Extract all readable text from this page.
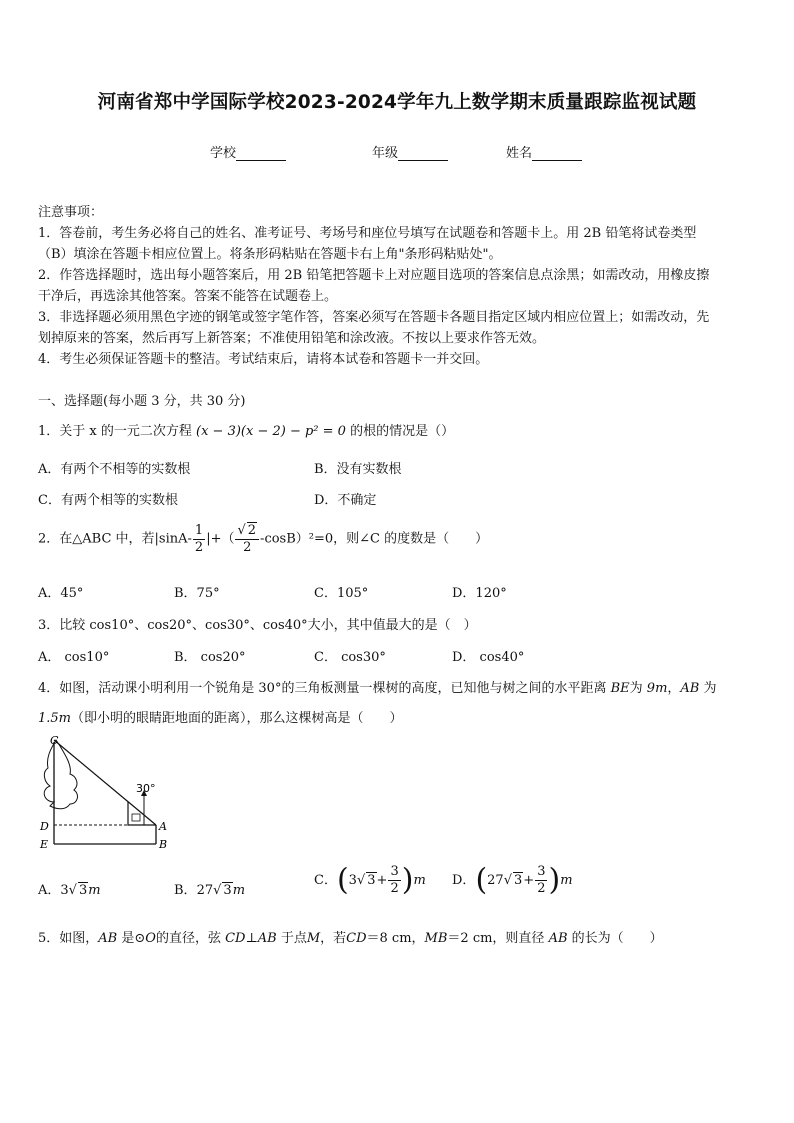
河南省郑中学国际学校2023-2024学年九上数学期末质量跟踪监视试题
学校	年级	姓名
注意事项：
1．答卷前，考生务必将自己的姓名、准考证号、考场号和座位号填写在试题卷和答题卡上。用 2B 铅笔将试卷类型
（B）填涂在答题卡相应位置上。将条形码粘贴在答题卡右上角"条形码粘贴处"。
2．作答选择题时，选出每小题答案后，用 2B 铅笔把答题卡上对应题目选项的答案信息点涂黑；如需改动，用橡皮擦
干净后，再选涂其他答案。答案不能答在试题卷上。
3．非选择题必须用黑色字迹的钢笔或签字笔作答，答案必须写在答题卡各题目指定区域内相应位置上；如需改动，先
划掉原来的答案，然后再写上新答案；不准使用铅笔和涂改液。不按以上要求作答无效。
4．考生必须保证答题卡的整洁。考试结束后，请将本试卷和答题卡一并交回。
一、选择题(每小题 3 分，共 30 分)
1．关于 x 的一元二次方程 (x − 3)(x − 2) − p² = 0 的根的情况是（）
A．有两个不相等的实数根	B．没有实数根
C．有两个相等的实数根	D．不确定
2．在△ABC 中，若$|\sin A- \frac{1}{2}$ |+（ $\frac{√ 2}{2} -\cos B)^2=0$，则∠C 的度数是（　　）
A．45°	B．75°	C．105°	D．120°
3．比较 cos10°、cos20°、cos30°、cos40°大小，其中值最大的是（　）
A． cos10°	B． cos20°	C． cos30°	D． cos40°
4．如图，活动课小明利用一个锐角是 30°的三角板测量一棵树的高度，已知他与树之间的水平距离 BE为 9m，AB 为
1.5m（即小明的眼睛距地面的距离），那么这棵树高是（　　）
30°
C
D
E
A
B
A．3√ 3m	B．27√ 3m
C．(3√ $3+ \frac{3}{2} )m$ D．(27√ $3+ \frac{3}{2} )m$
5．如图，AB 是⊙O的直径，弦 CD⊥AB 于点M，若CD＝8 cm，MB＝2 cm，则直径 AB 的长为（　　）
